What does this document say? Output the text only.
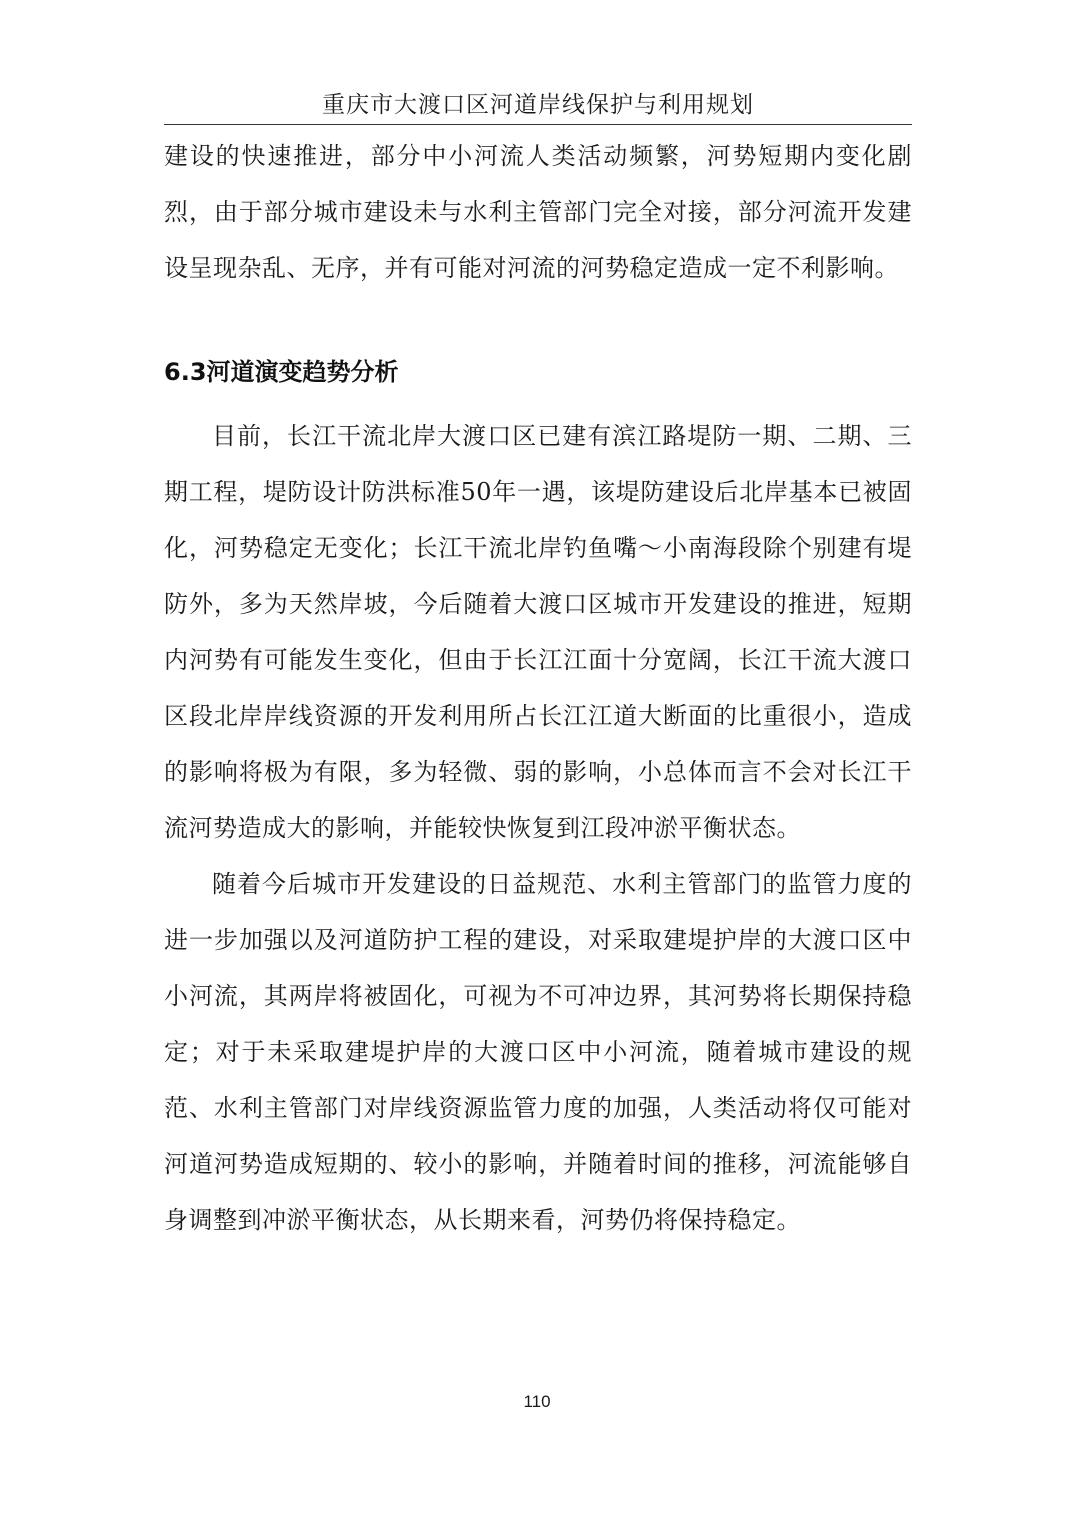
重庆市大渡口区河道岸线保护与利用规划

建设的快速推进，部分中小河流人类活动频繁，河势短期内变化剧烈，由于部分城市建设未与水利主管部门完全对接，部分河流开发建设呈现杂乱、无序，并有可能对河流的河势稳定造成一定不利影响。

6.3河道演变趋势分析

目前，长江干流北岸大渡口区已建有滨江路堤防一期、二期、三期工程，堤防设计防洪标准50年一遇，该堤防建设后北岸基本已被固化，河势稳定无变化；长江干流北岸钓鱼嘴～小南海段除个别建有堤防外，多为天然岸坡，今后随着大渡口区城市开发建设的推进，短期内河势有可能发生变化，但由于长江江面十分宽阔，长江干流大渡口区段北岸岸线资源的开发利用所占长江江道大断面的比重很小，造成的影响将极为有限，多为轻微、弱的影响，小总体而言不会对长江干流河势造成大的影响，并能较快恢复到江段冲淤平衡状态。

随着今后城市开发建设的日益规范、水利主管部门的监管力度的进一步加强以及河道防护工程的建设，对采取建堤护岸的大渡口区中小河流，其两岸将被固化，可视为不可冲边界，其河势将长期保持稳定；对于未采取建堤护岸的大渡口区中小河流，随着城市建设的规范、水利主管部门对岸线资源监管力度的加强，人类活动将仅可能对河道河势造成短期的、较小的影响，并随着时间的推移，河流能够自身调整到冲淤平衡状态，从长期来看，河势仍将保持稳定。

110
